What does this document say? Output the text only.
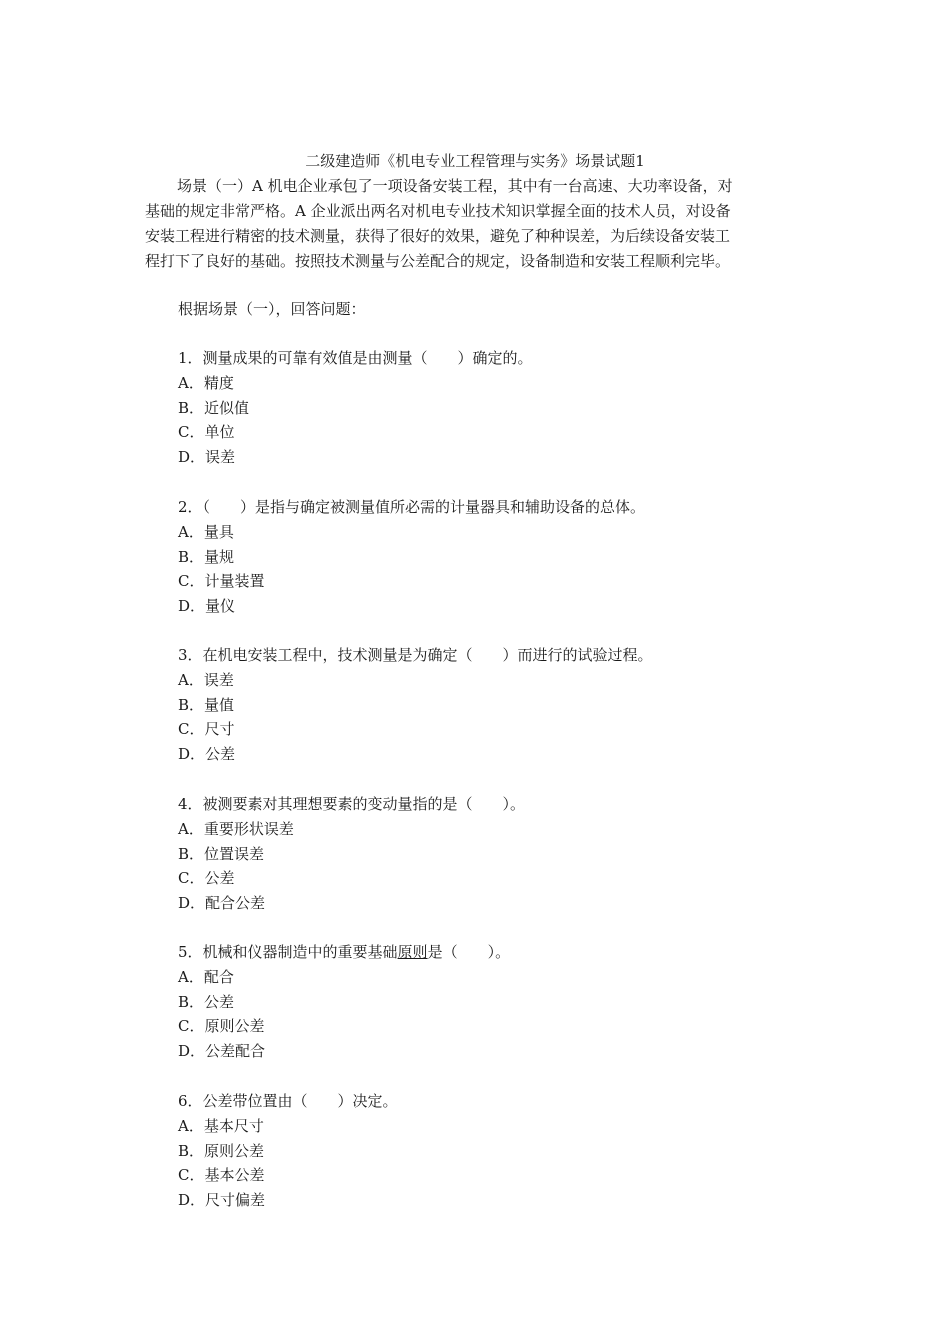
二级建造师《机电专业工程管理与实务》场景试题1
场景（一）A 机电企业承包了一项设备安装工程，其中有一台高速、大功率设备，对
基础的规定非常严格。A 企业派出两名对机电专业技术知识掌握全面的技术人员，对设备
安装工程进行精密的技术测量，获得了很好的效果，避免了种种误差，为后续设备安装工
程打下了良好的基础。按照技术测量与公差配合的规定，设备制造和安装工程顺利完毕。
根据场景（一），回答问题：
1．测量成果的可靠有效值是由测量（　　）确定的。
A．精度
B．近似值
C．单位
D．误差
2．（　　）是指与确定被测量值所必需的计量器具和辅助设备的总体。
A．量具
B．量规
C．计量装置
D．量仪
3．在机电安装工程中，技术测量是为确定（　　）而进行的试验过程。
A．误差
B．量值
C．尺寸
D．公差
4．被测要素对其理想要素的变动量指的是（　　）。
A．重要形状误差
B．位置误差
C．公差
D．配合公差
5．机械和仪器制造中的重要基础原则是（　　）。
A．配合
B．公差
C．原则公差
D．公差配合
6．公差带位置由（　　）决定。
A．基本尺寸
B．原则公差
C．基本公差
D．尺寸偏差
